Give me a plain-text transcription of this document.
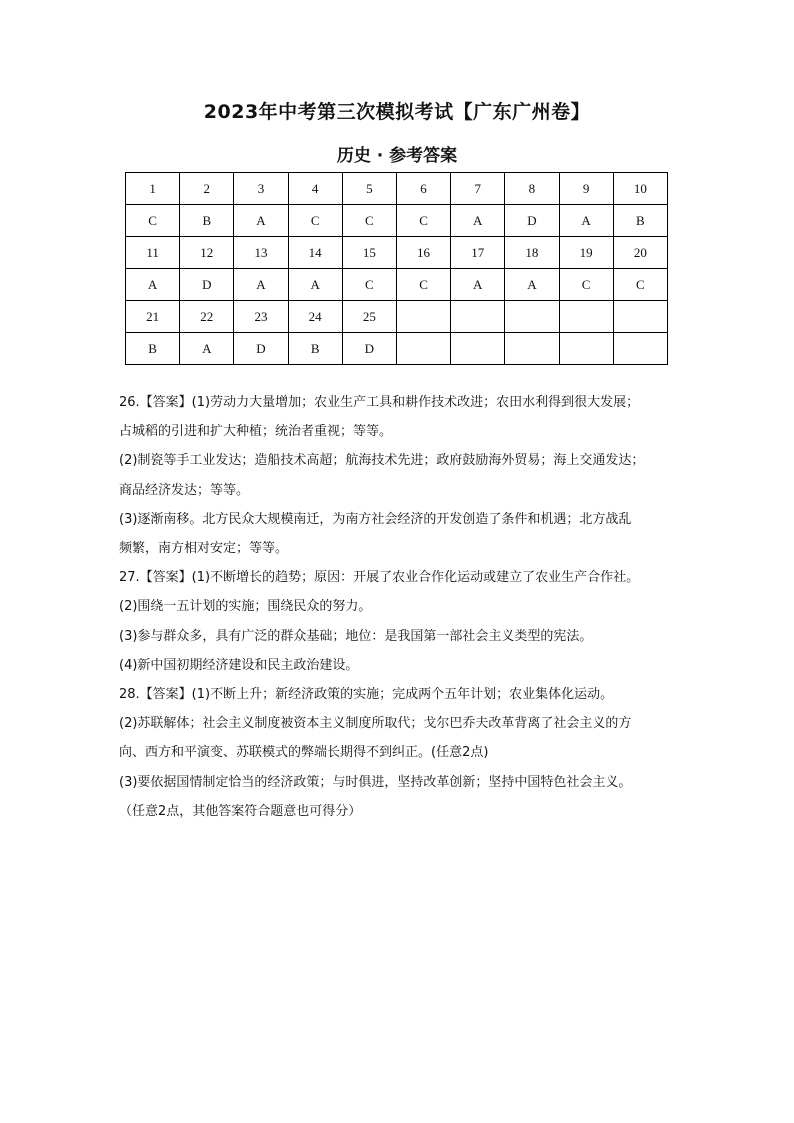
2023年中考第三次模拟考试【广东广州卷】
历史 · 参考答案
1	2	3	4	5	6	7	8	9	10
C	B	A	C	C	C	A	D	A	B
11	12	13	14	15	16	17	18	19	20
A	D	A	A	C	C	A	A	C	C
21	22	23	24	25					
B	A	D	B	D					
26.【答案】(1)劳动力大量增加；农业生产工具和耕作技术改进；农田水利得到很大发展；
占城稻的引进和扩大种植；统治者重视；等等。
(2)制瓷等手工业发达；造船技术高超；航海技术先进；政府鼓励海外贸易；海上交通发达；
商品经济发达；等等。
(3)逐渐南移。北方民众大规模南迁，为南方社会经济的开发创造了条件和机遇；北方战乱
频繁，南方相对安定；等等。
27.【答案】(1)不断增长的趋势；原因：开展了农业合作化运动或建立了农业生产合作社。
(2)围绕一五计划的实施；围绕民众的努力。
(3)参与群众多，具有广泛的群众基础；地位：是我国第一部社会主义类型的宪法。
(4)新中国初期经济建设和民主政治建设。
28.【答案】(1)不断上升；新经济政策的实施；完成两个五年计划；农业集体化运动。
(2)苏联解体；社会主义制度被资本主义制度所取代；戈尔巴乔夫改革背离了社会主义的方
向、西方和平演变、苏联模式的弊端长期得不到纠正。(任意2点)
(3)要依据国情制定恰当的经济政策；与时俱进，坚持改革创新；坚持中国特色社会主义。
（任意2点，其他答案符合题意也可得分）
